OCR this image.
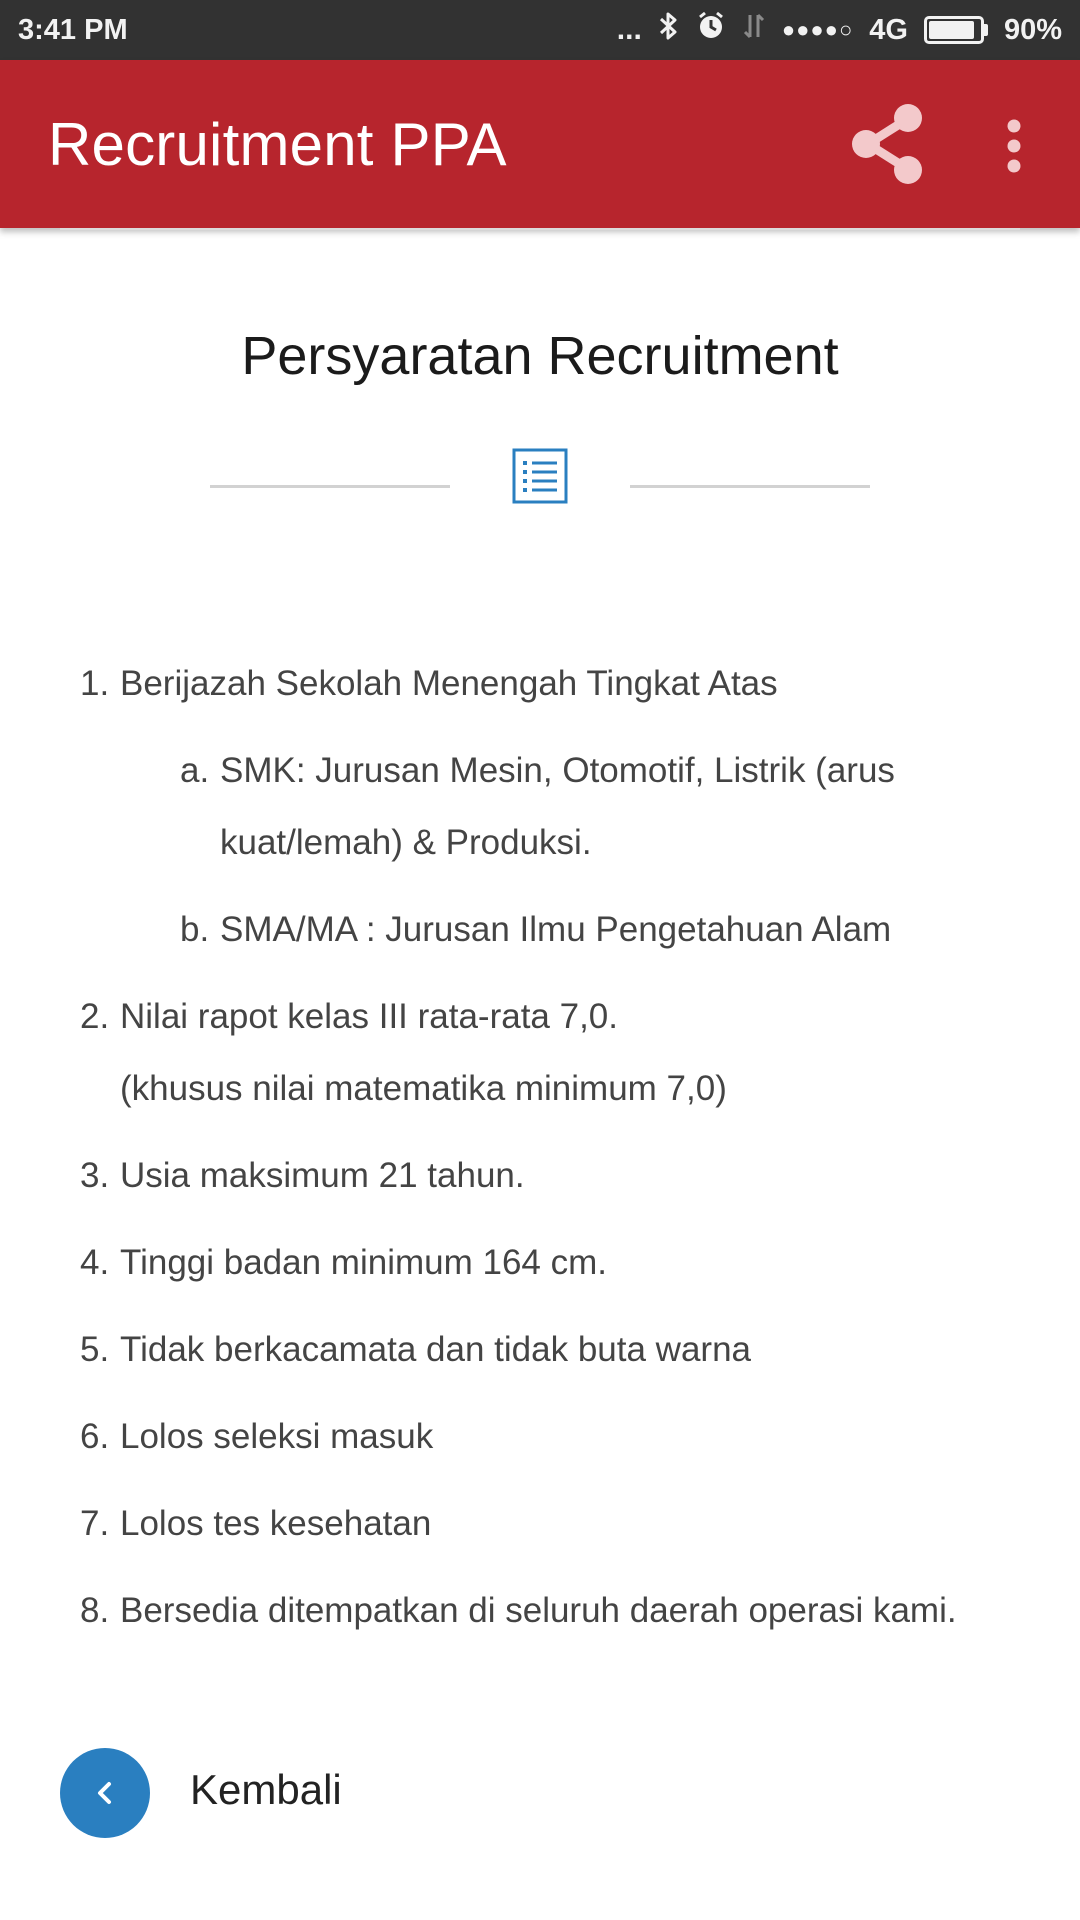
3:41 PM	...	●●●●○ 4G	90%
Recruitment PPA
Persyaratan Recruitment
1. Berijazah Sekolah Menengah Tingkat Atas
a. SMK: Jurusan Mesin, Otomotif, Listrik (arus kuat/lemah) & Produksi.
b. SMA/MA : Jurusan Ilmu Pengetahuan Alam
2. Nilai rapot kelas III rata-rata 7,0.
(khusus nilai matematika minimum 7,0)
3. Usia maksimum 21 tahun.
4. Tinggi badan minimum 164 cm.
5. Tidak berkacamata dan tidak buta warna
6. Lolos seleksi masuk
7. Lolos tes kesehatan
8. Bersedia ditempatkan di seluruh daerah operasi kami.
Kembali
